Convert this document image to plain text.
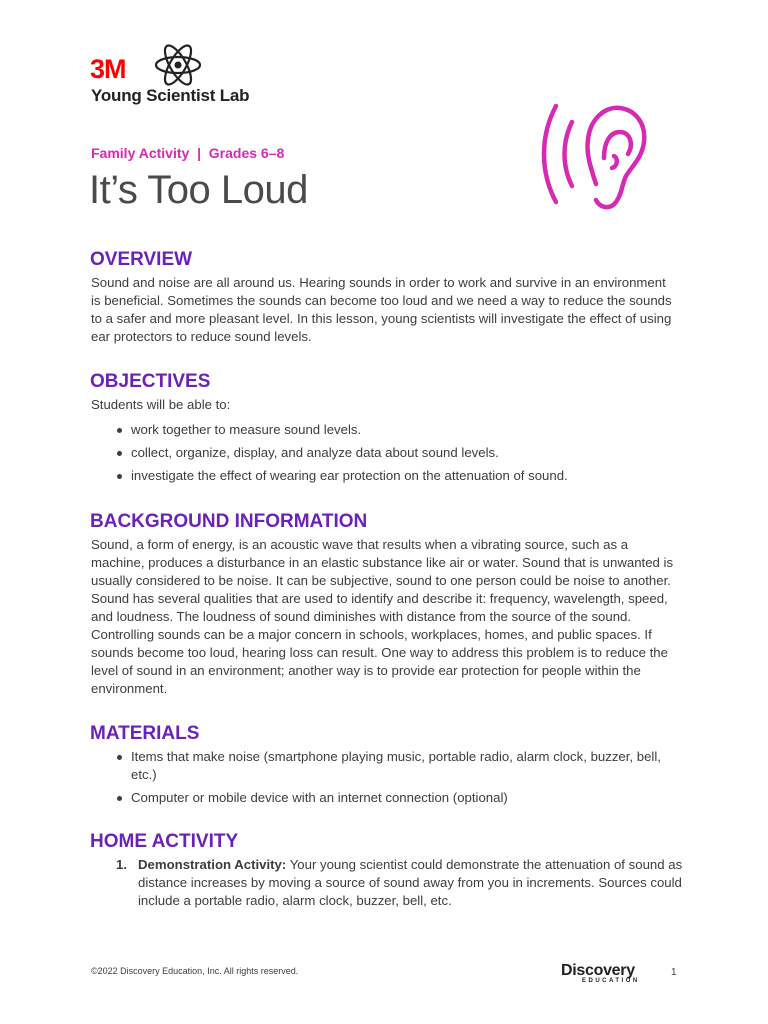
3M
Young Scientist Lab
Family Activity  |  Grades 6–8
It’s Too Loud
OVERVIEW

Sound and noise are all around us. Hearing sounds in order to work and survive in an environment is beneficial. Sometimes the sounds can become too loud and we need a way to reduce the sounds to a safer and more pleasant level. In this lesson, young scientists will investigate the effect of using ear protectors to reduce sound levels.

OBJECTIVES

Students will be able to:

work together to measure sound levels.
collect, organize, display, and analyze data about sound levels.
investigate the effect of wearing ear protection on the attenuation of sound.
BACKGROUND INFORMATION

Sound, a form of energy, is an acoustic wave that results when a vibrating source, such as a machine, produces a disturbance in an elastic substance like air or water. Sound that is unwanted is usually considered to be noise. It can be subjective, sound to one person could be noise to another. Sound has several qualities that are used to identify and describe it: frequency, wavelength, speed, and loudness. The loudness of sound diminishes with distance from the source of the sound. Controlling sounds can be a major concern in schools, workplaces, homes, and public spaces. If sounds become too loud, hearing loss can result. One way to address this problem is to reduce the level of sound in an environment; another way is to provide ear protection for people within the environment.

MATERIALS
Items that make noise (smartphone playing music, portable radio, alarm clock, buzzer, bell, etc.)
Computer or mobile device with an internet connection (optional)
HOME ACTIVITY
1. Demonstration Activity: Your young scientist could demonstrate the attenuation of sound as distance increases by moving a source of sound away from you in increments. Sources could include a portable radio, alarm clock, buzzer, bell, etc.
©2022 Discovery Education, Inc. All rights reserved.	Discovery
EDUCATION
1
